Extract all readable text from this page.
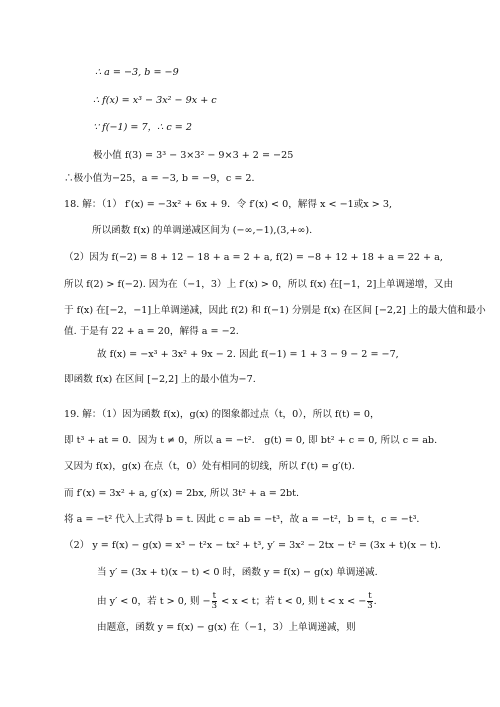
∴ a = −3, b = −9
∴ f(x) = x³ − 3x² − 9x + c
∵ f(−1) = 7，∴ c = 2
极小值 f(3) = 3³ − 3×3² − 9×3 + 2 = −25
∴极小值为−25，a = −3, b = −9，c = 2．
18. 解：（1） f′(x) = −3x² + 6x + 9．令 f′(x) < 0，解得 x < −1或x > 3,
所以函数 f(x) 的单调递减区间为 (−∞,−1),(3,+∞).
（2）因为 f(−2) = 8 + 12 − 18 + a = 2 + a, f(2) = −8 + 12 + 18 + a = 22 + a,
所以 f(2) > f(−2). 因为在（−1，3）上 f′(x) > 0，所以 f(x) 在[−1，2]上单调递增，又由
于 f(x) 在[−2，−1]上单调递减，因此 f(2) 和 f(−1) 分别是 f(x) 在区间 [−2,2] 上的最大值和最小
值. 于是有 22 + a = 20，解得 a = −2.
故 f(x) = −x³ + 3x² + 9x − 2. 因此 f(−1) = 1 + 3 − 9 − 2 = −7,
即函数 f(x) 在区间 [−2,2] 上的最小值为−7.
19. 解：（1）因为函数 f(x)，g(x) 的图象都过点（t，0），所以 f(t) = 0，
即 t³ + at = 0．因为 t ≠ 0，所以 a = −t²． g(t) = 0, 即 bt² + c = 0, 所以 c = ab.
又因为 f(x)，g(x) 在点（t，0）处有相同的切线，所以 f′(t) = g′(t).
而 f′(x) = 3x² + a, g′(x) = 2bx, 所以 3t² + a = 2bt.
将 a = −t² 代入上式得 b = t. 因此 c = ab = −t³，故 a = −t²，b = t，c = −t³．
（2） y = f(x) − g(x) = x³ − t²x − tx² + t³, y′ = 3x² − 2tx − t² = (3x + t)(x − t)．
当 y′ = (3x + t)(x − t) < 0 时，函数 y = f(x) − g(x) 单调递减.
由 y′ < 0，若 t > 0, 则 − $\frac{t}{3} < x < t$；若 t < 0, 则 t < x < − $\frac{t}{3}$ .
由题意，函数 y = f(x) − g(x) 在（−1，3）上单调递减，则
